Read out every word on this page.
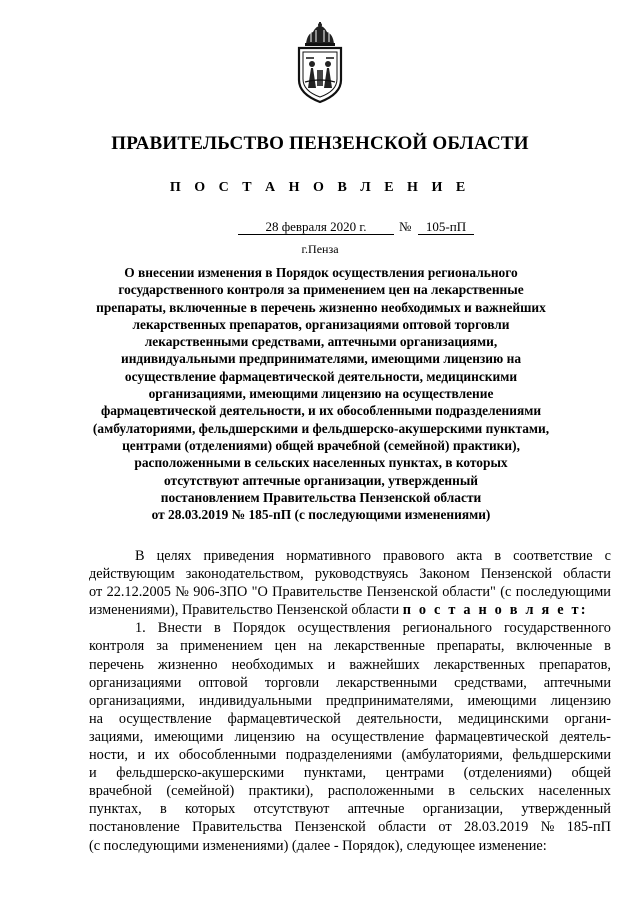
ПРАВИТЕЛЬСТВО ПЕНЗЕНСКОЙ ОБЛАСТИ
П О С Т А Н О В Л Е Н И Е
28 февраля 2020 г.	№	105-пП
г.Пенза
О внесении изменения в Порядок осуществления регионального
государственного контроля за применением цен на лекарственные
препараты, включенные в перечень жизненно необходимых и важнейших
лекарственных препаратов, организациями оптовой торговли
лекарственными средствами, аптечными организациями,
индивидуальными предпринимателями, имеющими лицензию на
осуществление фармацевтической деятельности, медицинскими
организациями, имеющими лицензию на осуществление
фармацевтической деятельности, и их обособленными подразделениями
(амбулаториями, фельдшерскими и фельдшерско-акушерскими пунктами,
центрами (отделениями) общей врачебной (семейной) практики),
расположенными в сельских населенных пунктах, в которых
отсутствуют аптечные организации, утвержденный
постановлением Правительства Пензенской области
от 28.03.2019 № 185-пП (с последующими изменениями)
В целях приведения нормативного правового акта в соответствие с
действующим законодательством, руководствуясь Законом Пензенской области
от 22.12.2005 № 906-ЗПО "О Правительстве Пензенской области" (с последующими
изменениями), Правительство Пензенской области
п о с т а н о в л я е т:
1. Внести в Порядок осуществления регионального государственного
контроля за применением цен на лекарственные препараты, включенные в
перечень жизненно необходимых и важнейших лекарственных препаратов,
организациями оптовой торговли лекарственными средствами, аптечными
организациями, индивидуальными предпринимателями, имеющими лицензию
на осуществление фармацевтической деятельности, медицинскими органи-
зациями, имеющими лицензию на осуществление фармацевтической деятель-
ности, и их обособленными подразделениями (амбулаториями, фельдшерскими
и фельдшерско-акушерскими пунктами, центрами (отделениями) общей
врачебной (семейной) практики), расположенными в сельских населенных
пунктах, в которых отсутствуют аптечные организации, утвержденный
постановление Правительства Пензенской области от 28.03.2019 № 185-пП
(с последующими изменениями) (далее - Порядок), следующее изменение:
